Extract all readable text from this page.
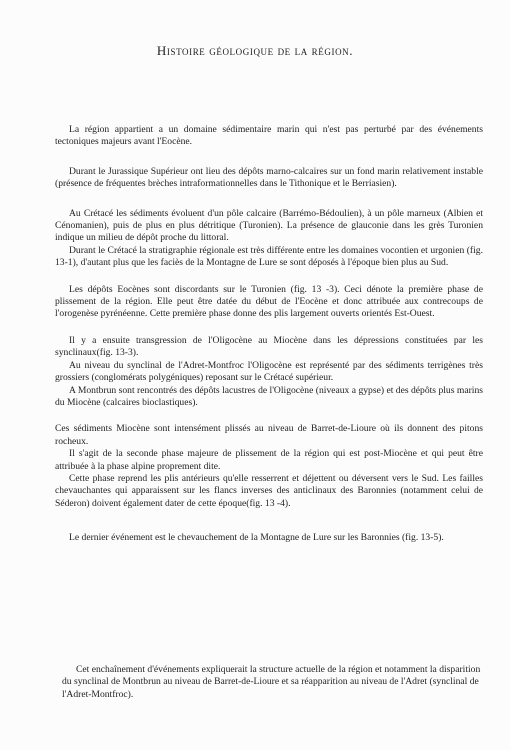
Histoire géologique de la région.

La région appartient a un domaine sédimentaire marin qui n'est pas perturbé par des événements tectoniques majeurs avant l'Eocène.

Durant le Jurassique Supérieur ont lieu des dépôts marno-calcaires sur un fond marin relativement instable (présence de fréquentes brèches intraformationnelles dans le Tithonique et le Berriasien).

Au Crétacé les sédiments évoluent d'un pôle calcaire (Barrémo-Bédoulien), à un pôle marneux (Albien et Cénomanien), puis de plus en plus détritique (Turonien). La présence de glauconie dans les grès Turonien indique un milieu de dépôt proche du littoral.

Durant le Crétacé la stratigraphie régionale est très différente entre les domaines vocontien et urgonien (fig. 13-1), d'autant plus que les faciès de la Montagne de Lure se sont déposés à l'époque bien plus au Sud.

Les dépôts Eocènes sont discordants sur le Turonien (fig. 13 -3). Ceci dénote la première phase de plissement de la région. Elle peut être datée du début de l'Eocène et donc attribuée aux contrecoups de l'orogenèse pyrénéenne. Cette première phase donne des plis largement ouverts orientés Est-Ouest.

Il y a ensuite transgression de l'Oligocène au Miocène dans les dépressions constituées par les synclinaux(fig. 13-3).

Au niveau du synclinal de l'Adret-Montfroc l'Oligocène est représenté par des sédiments terrigènes très grossiers (conglomérats polygéniques) reposant sur le Crétacé supérieur.

A Montbrun sont rencontrés des dépôts lacustres de l'Oligocène (niveaux a gypse) et des dépôts plus marins du Miocène (calcaires bioclastiques).

Ces sédiments Miocène sont intensément plissés au niveau de Barret-de-Lioure où ils donnent des pitons rocheux.

Il s'agit de la seconde phase majeure de plissement de la région qui est post-Miocène et qui peut être attribuée à la phase alpine proprement dite.

Cette phase reprend les plis antérieurs qu'elle resserrent et déjettent ou déversent vers le Sud. Les failles chevauchantes qui apparaissent sur les flancs inverses des anticlinaux des Baronnies (notamment celui de Séderon) doivent également dater de cette époque(fig. 13 -4).

Le dernier événement est le chevauchement de la Montagne de Lure sur les Baronnies (fig. 13-5).

Cet enchaînement d'événements expliquerait la structure actuelle de la région et notamment la disparition du synclinal de Montbrun au niveau de Barret-de-Lioure et sa réapparition au niveau de l'Adret (synclinal de l'Adret-Montfroc).
